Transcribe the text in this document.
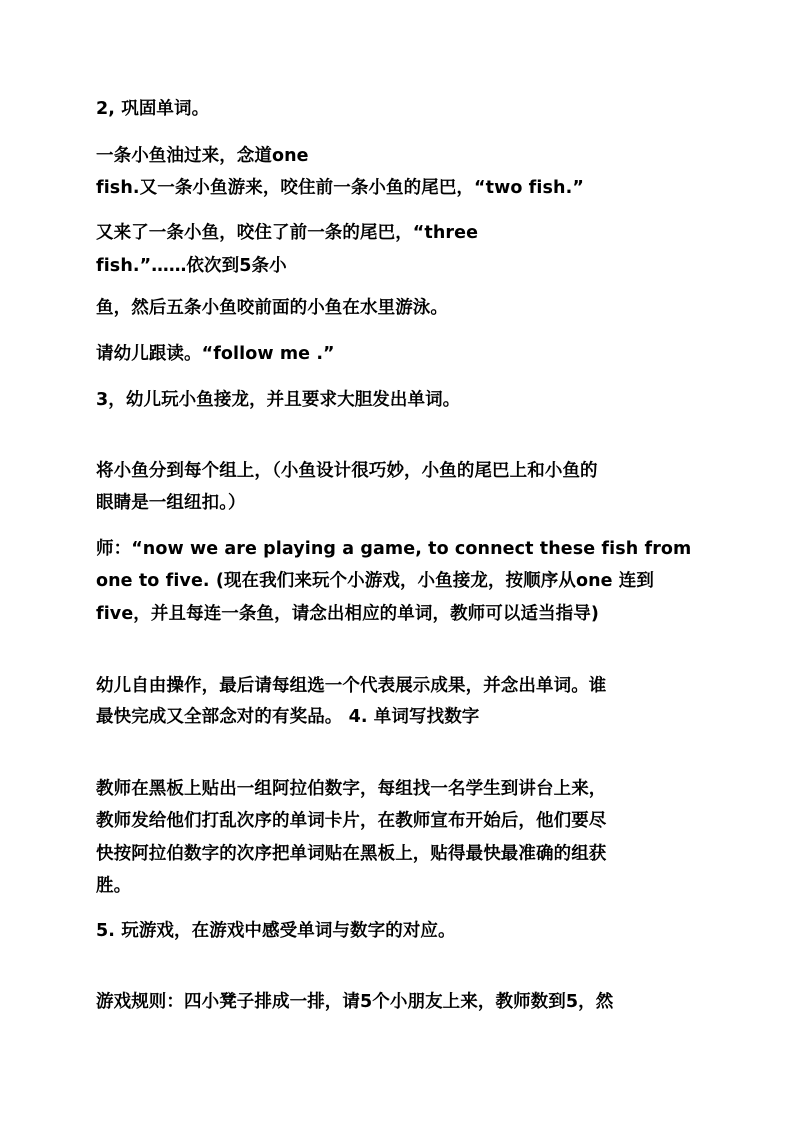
2, 巩固单词。
一条小鱼油过来，念道one
fish.又一条小鱼游来，咬住前一条小鱼的尾巴，“two fish.”
又来了一条小鱼，咬住了前一条的尾巴，“three
fish.”……依次到5条小
鱼，然后五条小鱼咬前面的小鱼在水里游泳。
请幼儿跟读。“follow me .”
3，幼儿玩小鱼接龙，并且要求大胆发出单词。
将小鱼分到每个组上，（小鱼设计很巧妙，小鱼的尾巴上和小鱼的
眼睛是一组纽扣。）
师：“now we are playing a game, to connect these fish from
one to five. (现在我们来玩个小游戏，小鱼接龙，按顺序从one 连到
five，并且每连一条鱼，请念出相应的单词，教师可以适当指导)
幼儿自由操作，最后请每组选一个代表展示成果，并念出单词。谁
最快完成又全部念对的有奖品。 4. 单词写找数字
教师在黑板上贴出一组阿拉伯数字，每组找一名学生到讲台上来，
教师发给他们打乱次序的单词卡片，在教师宣布开始后，他们要尽
快按阿拉伯数字的次序把单词贴在黑板上，贴得最快最准确的组获
胜。
5. 玩游戏，在游戏中感受单词与数字的对应。
游戏规则：四小凳子排成一排，请5个小朋友上来，教师数到5，然
